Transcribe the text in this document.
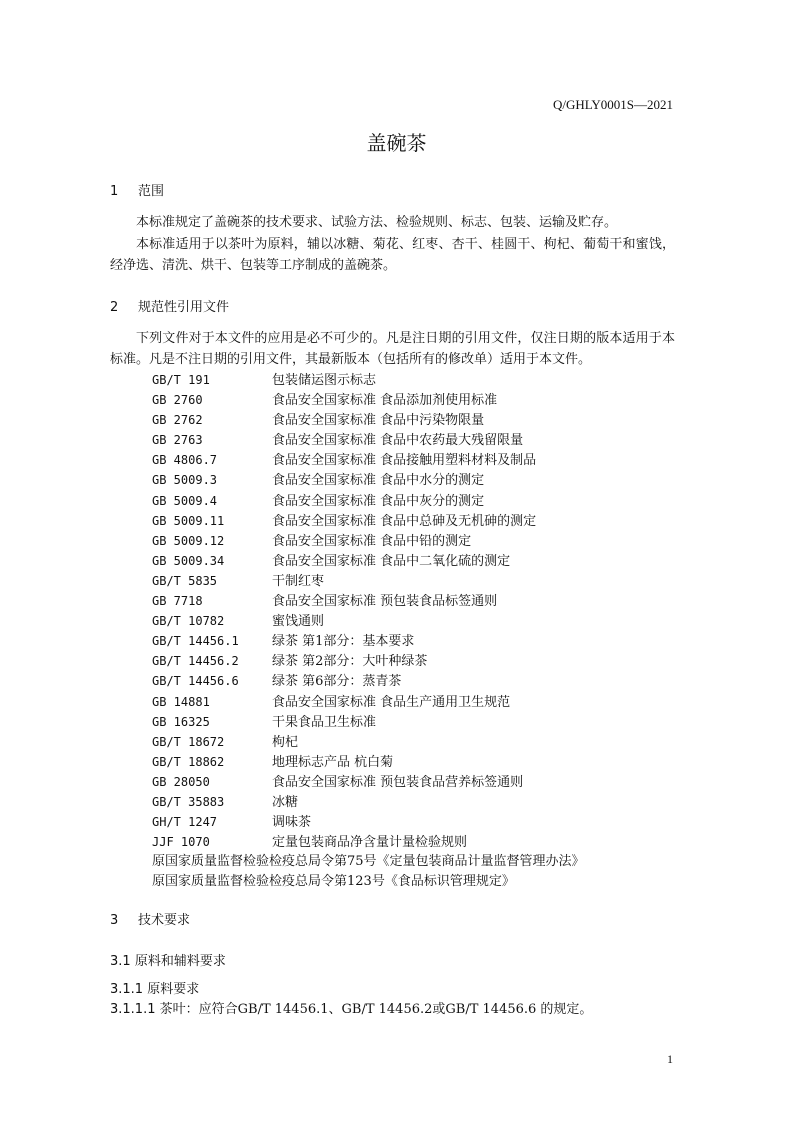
Q/GHLY0001S—2021
盖碗茶
1 范围
本标准规定了盖碗茶的技术要求、试验方法、检验规则、标志、包装、运输及贮存。
本标准适用于以茶叶为原料，辅以冰糖、菊花、红枣、杏干、桂圆干、枸杞、葡萄干和蜜饯，经净选、清洗、烘干、包装等工序制成的盖碗茶。
2 规范性引用文件
下列文件对于本文件的应用是必不可少的。凡是注日期的引用文件，仅注日期的版本适用于本标准。凡是不注日期的引用文件，其最新版本（包括所有的修改单）适用于本文件。
GB/T 191	包装储运图示标志
GB 2760	食品安全国家标准 食品添加剂使用标准
GB 2762	食品安全国家标准 食品中污染物限量
GB 2763	食品安全国家标准 食品中农药最大残留限量
GB 4806.7	食品安全国家标准 食品接触用塑料材料及制品
GB 5009.3	食品安全国家标准 食品中水分的测定
GB 5009.4	食品安全国家标准 食品中灰分的测定
GB 5009.11	食品安全国家标准 食品中总砷及无机砷的测定
GB 5009.12	食品安全国家标准 食品中铅的测定
GB 5009.34	食品安全国家标准 食品中二氧化硫的测定
GB/T 5835	干制红枣
GB 7718	食品安全国家标准 预包装食品标签通则
GB/T 10782	蜜饯通则
GB/T 14456.1	绿茶 第1部分：基本要求
GB/T 14456.2	绿茶 第2部分：大叶种绿茶
GB/T 14456.6	绿茶 第6部分：蒸青茶
GB 14881	食品安全国家标准 食品生产通用卫生规范
GB 16325	干果食品卫生标准
GB/T 18672	枸杞
GB/T 18862	地理标志产品 杭白菊
GB 28050	食品安全国家标准 预包装食品营养标签通则
GB/T 35883	冰糖
GH/T 1247	调味茶
JJF 1070	定量包装商品净含量计量检验规则
原国家质量监督检验检疫总局令第75号《定量包装商品计量监督管理办法》
原国家质量监督检验检疫总局令第123号《食品标识管理规定》
3 技术要求
3.1 原料和辅料要求
3.1.1 原料要求
3.1.1.1 茶叶：应符合GB/T 14456.1、GB/T 14456.2或GB/T 14456.6 的规定。
1
